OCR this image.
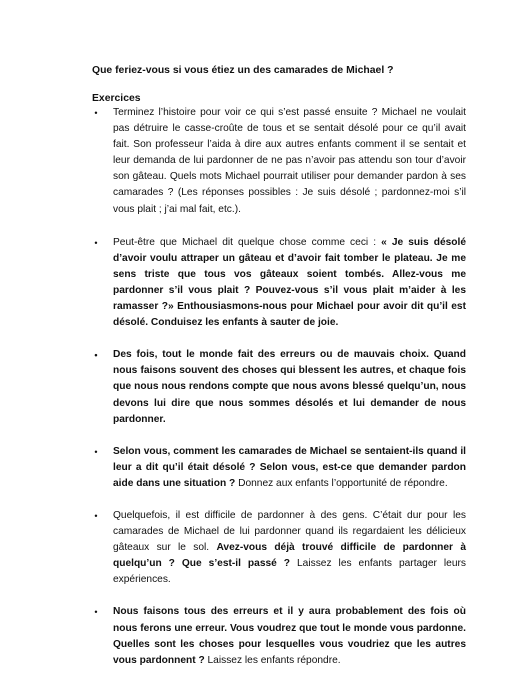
Que feriez-vous si vous étiez un des camarades de Michael ?

Exercices

• Terminez l’histoire pour voir ce qui s’est passé ensuite ? Michael ne voulait pas détruire le casse-croûte de tous et se sentait désolé pour ce qu’il avait fait. Son professeur l’aida à dire aux autres enfants comment il se sentait et leur demanda de lui pardonner de ne pas n’avoir pas attendu son tour d’avoir son gâteau. Quels mots Michael pourrait utiliser pour demander pardon à ses camarades ? (Les réponses possibles : Je suis désolé ; pardonnez-moi s’il vous plait ; j’ai mal fait, etc.).
• Peut-être que Michael dit quelque chose comme ceci : « Je suis désolé d’avoir voulu attraper un gâteau et d’avoir fait tomber le plateau. Je me sens triste que tous vos gâteaux soient tombés. Allez-vous me pardonner s’il vous plait ? Pouvez-vous s’il vous plait m’aider à les ramasser ?» Enthousiasmons-nous pour Michael pour avoir dit qu’il est désolé. Conduisez les enfants à sauter de joie.
• Des fois, tout le monde fait des erreurs ou de mauvais choix. Quand nous faisons souvent des choses qui blessent les autres, et chaque fois que nous nous rendons compte que nous avons blessé quelqu’un, nous devons lui dire que nous sommes désolés et lui demander de nous pardonner.
• Selon vous, comment les camarades de Michael se sentaient-ils quand il leur a dit qu’il était désolé ? Selon vous, est-ce que demander pardon aide dans une situation ? Donnez aux enfants l’opportunité de répondre.
• Quelquefois, il est difficile de pardonner à des gens. C’était dur pour les camarades de Michael de lui pardonner quand ils regardaient les délicieux gâteaux sur le sol. Avez-vous déjà trouvé difficile de pardonner à quelqu’un ? Que s’est-il passé ? Laissez les enfants partager leurs expériences.
• Nous faisons tous des erreurs et il y aura probablement des fois où nous ferons une erreur. Vous voudrez que tout le monde vous pardonne. Quelles sont les choses pour lesquelles vous voudriez que les autres vous pardonnent ? Laissez les enfants répondre.
